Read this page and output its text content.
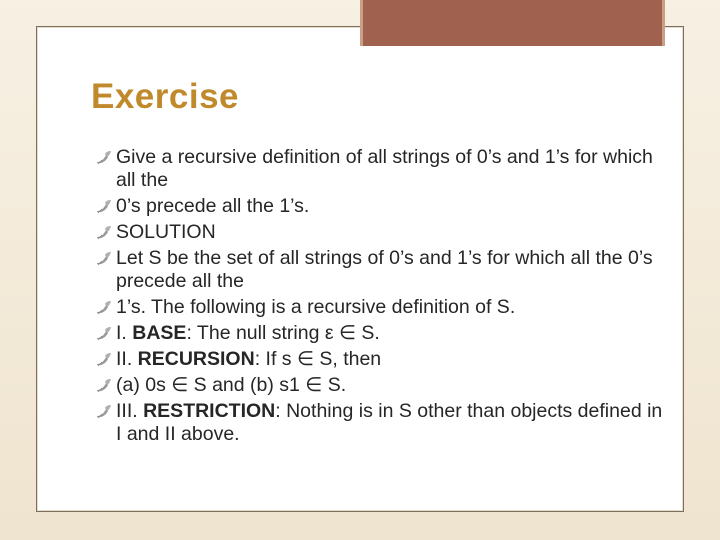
Exercise
Give a recursive definition of all strings of 0’s and 1’s for which all the
0’s precede all the 1’s.
SOLUTION
Let S be the set of all strings of 0’s and 1’s for which all the 0’s precede all the
1’s. The following is a recursive definition of S.
I. BASE: The null string ε ∈ S.
II. RECURSION: If s ∈ S, then
(a) 0s ∈ S and (b) s1 ∈ S.
III. RESTRICTION: Nothing is in S other than objects defined in I and II above.
